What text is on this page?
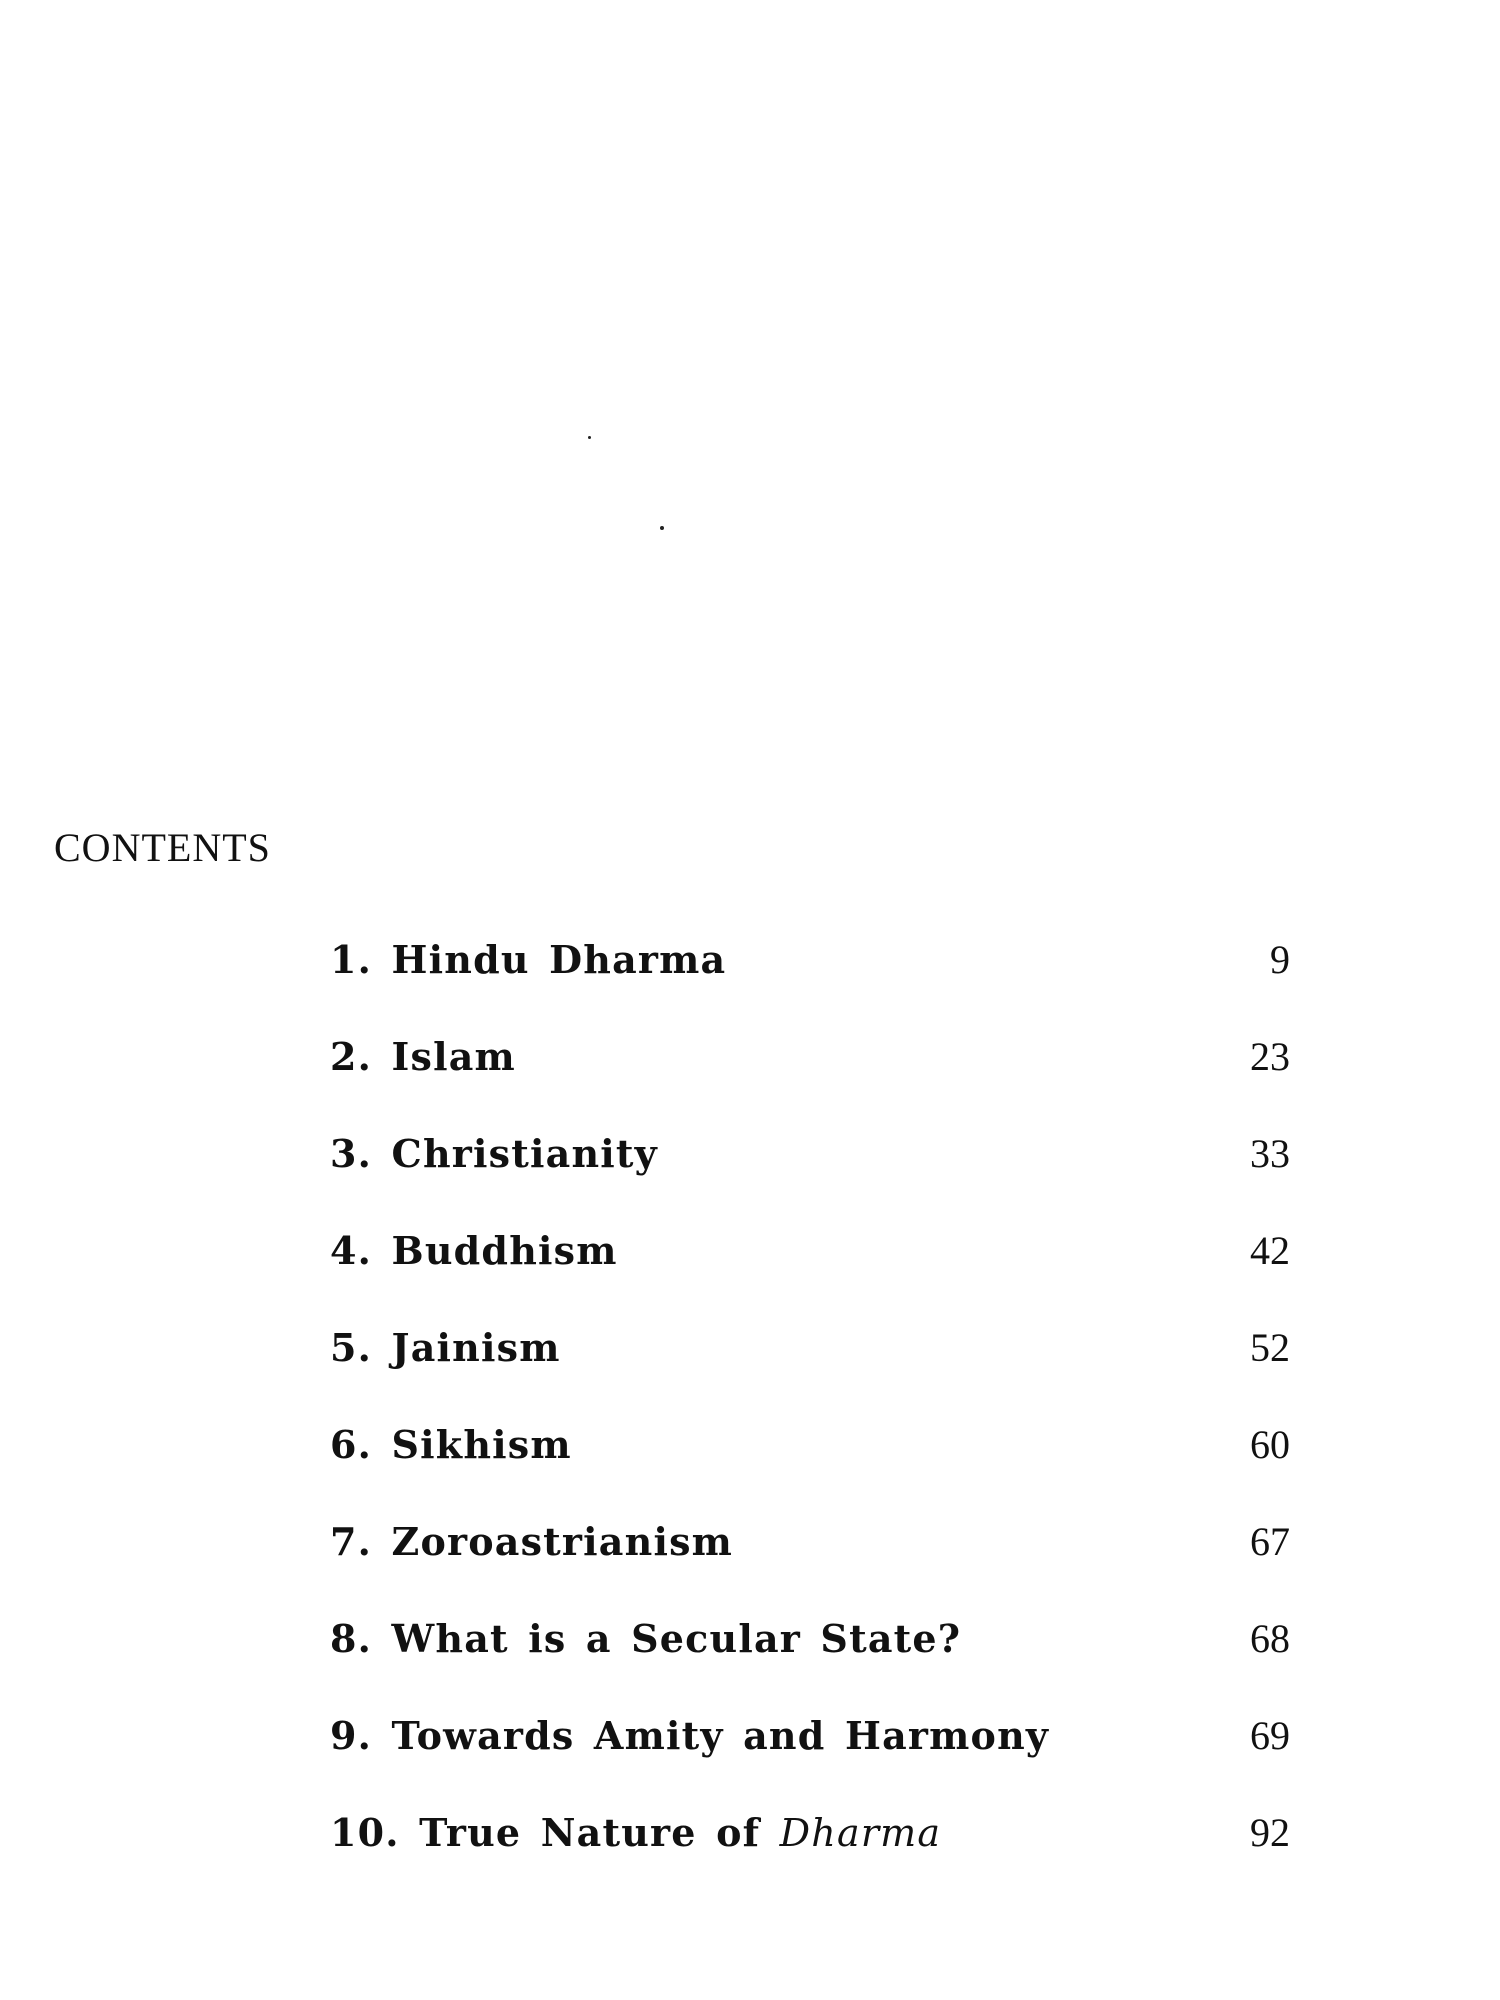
CONTENTS
1. Hindu Dharma	9
2. Islam	23
3. Christianity	33
4. Buddhism	42
5. Jainism	52
6. Sikhism	60
7. Zoroastrianism	67
8. What is a Secular State?	68
9. Towards Amity and Harmony	69
10. True Nature of Dharma	92
